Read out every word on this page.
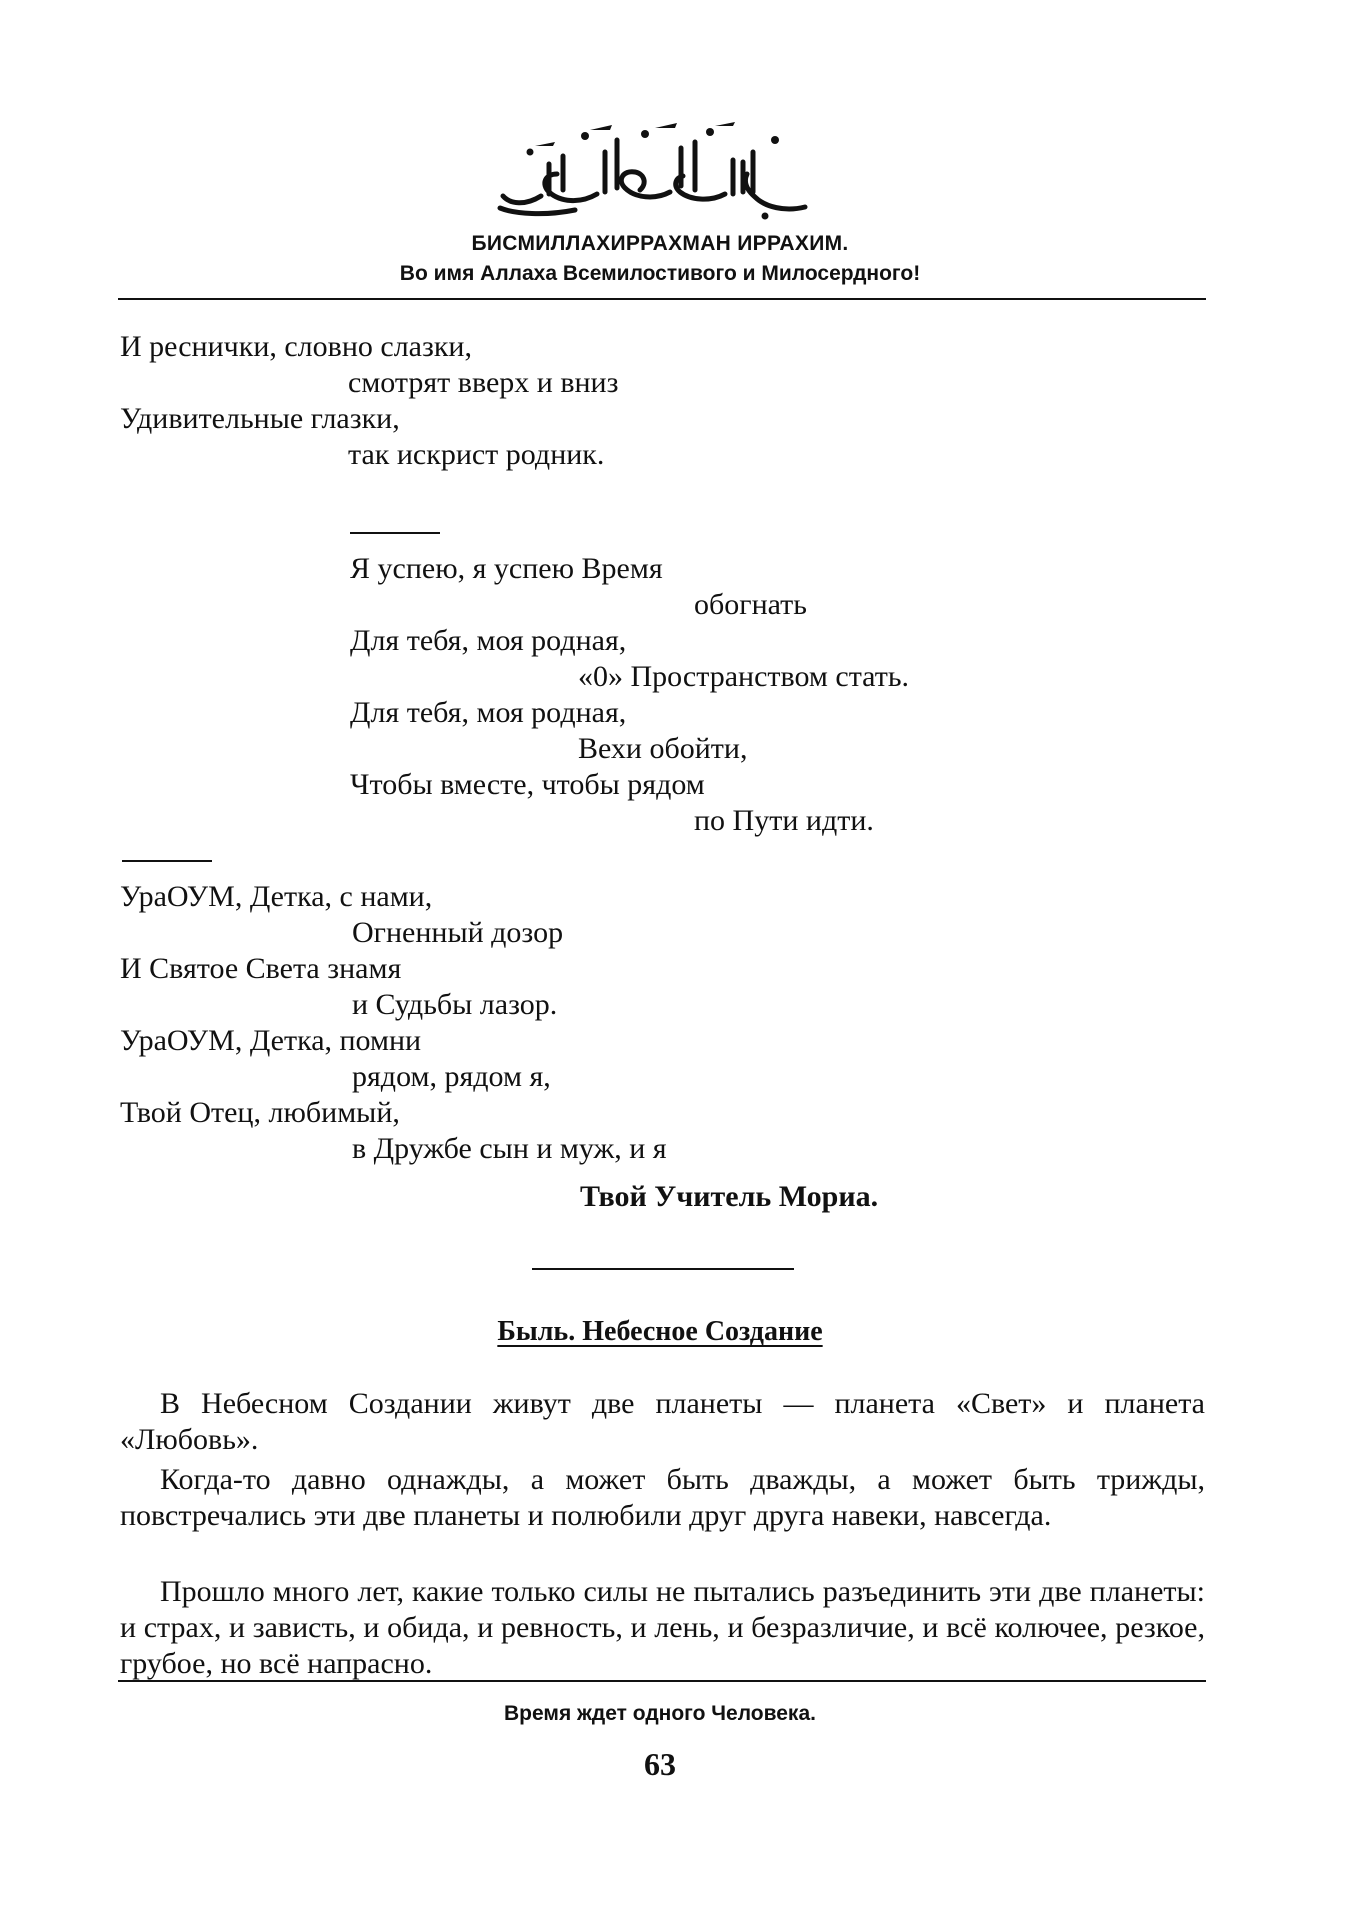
БИСМИЛЛАХИРРАХМАН ИРРАХИМ.
Во имя Аллаха Всемилостивого и Милосердного!
И реснички, словно слазки,
смотрят вверх и вниз
Удивительные глазки,
так искрист родник.
Я успею, я успею Время
обогнать
Для тебя, моя родная,
«0» Пространством стать.
Для тебя, моя родная,
Вехи обойти,
Чтобы вместе, чтобы рядом
по Пути идти.
УраОУМ, Детка, с нами,
Огненный дозор
И Святое Света знамя
и Судьбы лазор.
УраОУМ, Детка, помни
рядом, рядом я,
Твой Отец, любимый,
в Дружбе сын и муж, и я
Твой Учитель Мориа.
Быль. Небесное Создание

В Небесном Создании живут две планеты — планета «Свет» и планета «Любовь».

Когда-то давно однажды, а может быть дважды, а может быть трижды, повстречались эти две планеты и полюбили друг друга навеки, навсегда.

Прошло много лет, какие только силы не пытались разъединить эти две планеты: и страх, и зависть, и обида, и ревность, и лень, и безразличие, и всё колючее, резкое, грубое, но всё напрасно.

Время ждет одного Человека.
63
